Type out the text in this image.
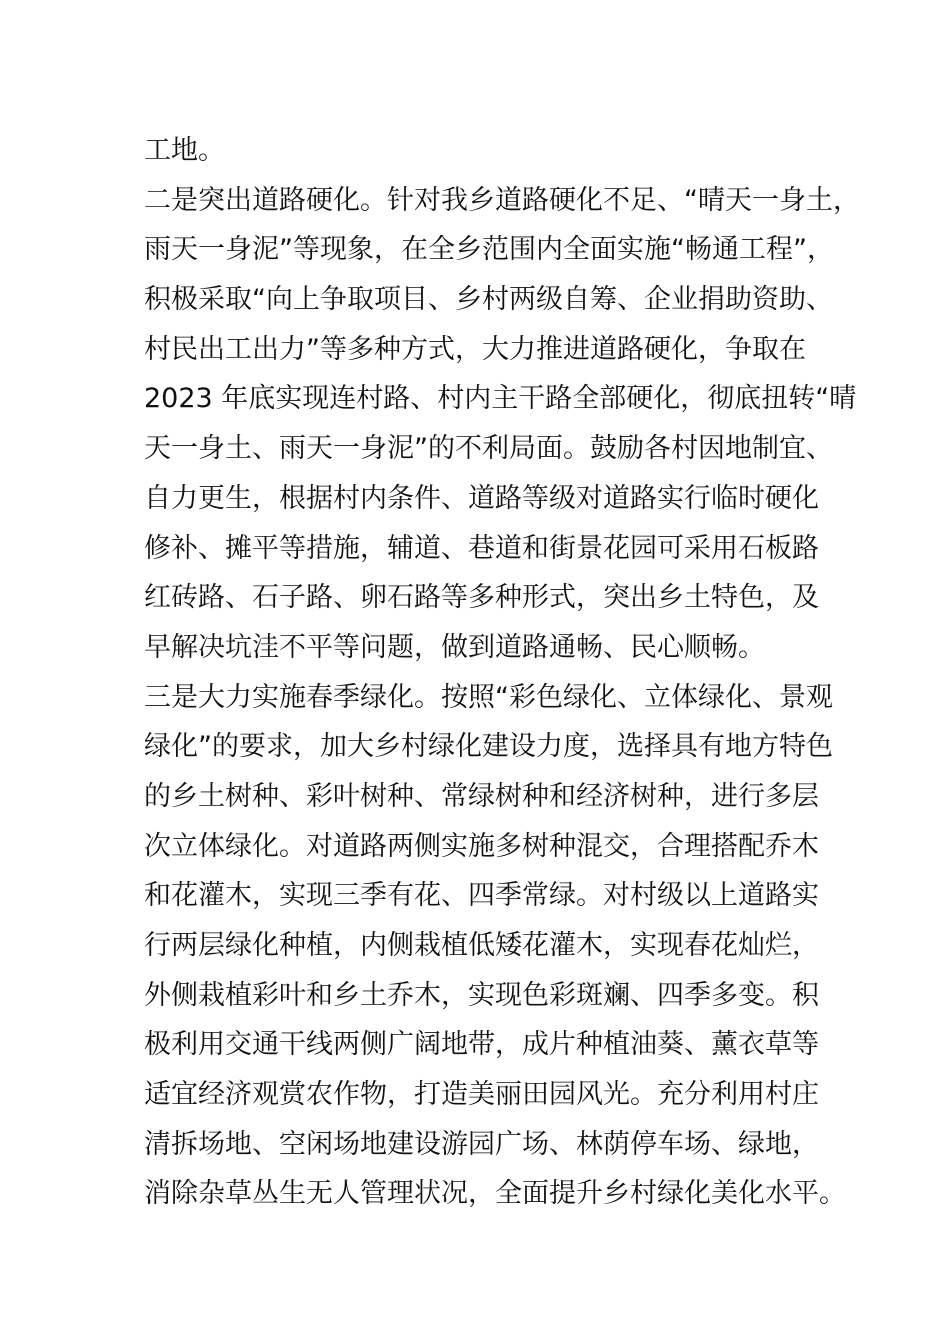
工地。
二是突出道路硬化。针对我乡道路硬化不足、“晴天一身土，
雨天一身泥”等现象，在全乡范围内全面实施“畅通工程”，
积极采取“向上争取项目、乡村两级自筹、企业捐助资助、
村民出工出力”等多种方式，大力推进道路硬化，争取在
2023 年底实现连村路、村内主干路全部硬化，彻底扭转“晴
天一身土、雨天一身泥”的不利局面。鼓励各村因地制宜、
自力更生，根据村内条件、道路等级对道路实行临时硬化
修补、摊平等措施，辅道、巷道和街景花园可采用石板路
红砖路、石子路、卵石路等多种形式，突出乡土特色，及
早解决坑洼不平等问题，做到道路通畅、民心顺畅。
三是大力实施春季绿化。按照“彩色绿化、立体绿化、景观
绿化”的要求，加大乡村绿化建设力度，选择具有地方特色
的乡土树种、彩叶树种、常绿树种和经济树种，进行多层
次立体绿化。对道路两侧实施多树种混交，合理搭配乔木
和花灌木，实现三季有花、四季常绿。对村级以上道路实
行两层绿化种植，内侧栽植低矮花灌木，实现春花灿烂，
外侧栽植彩叶和乡土乔木，实现色彩斑斓、四季多变。积
极利用交通干线两侧广阔地带，成片种植油葵、薰衣草等
适宜经济观赏农作物，打造美丽田园风光。充分利用村庄
清拆场地、空闲场地建设游园广场、林荫停车场、绿地，
消除杂草丛生无人管理状况，全面提升乡村绿化美化水平。
